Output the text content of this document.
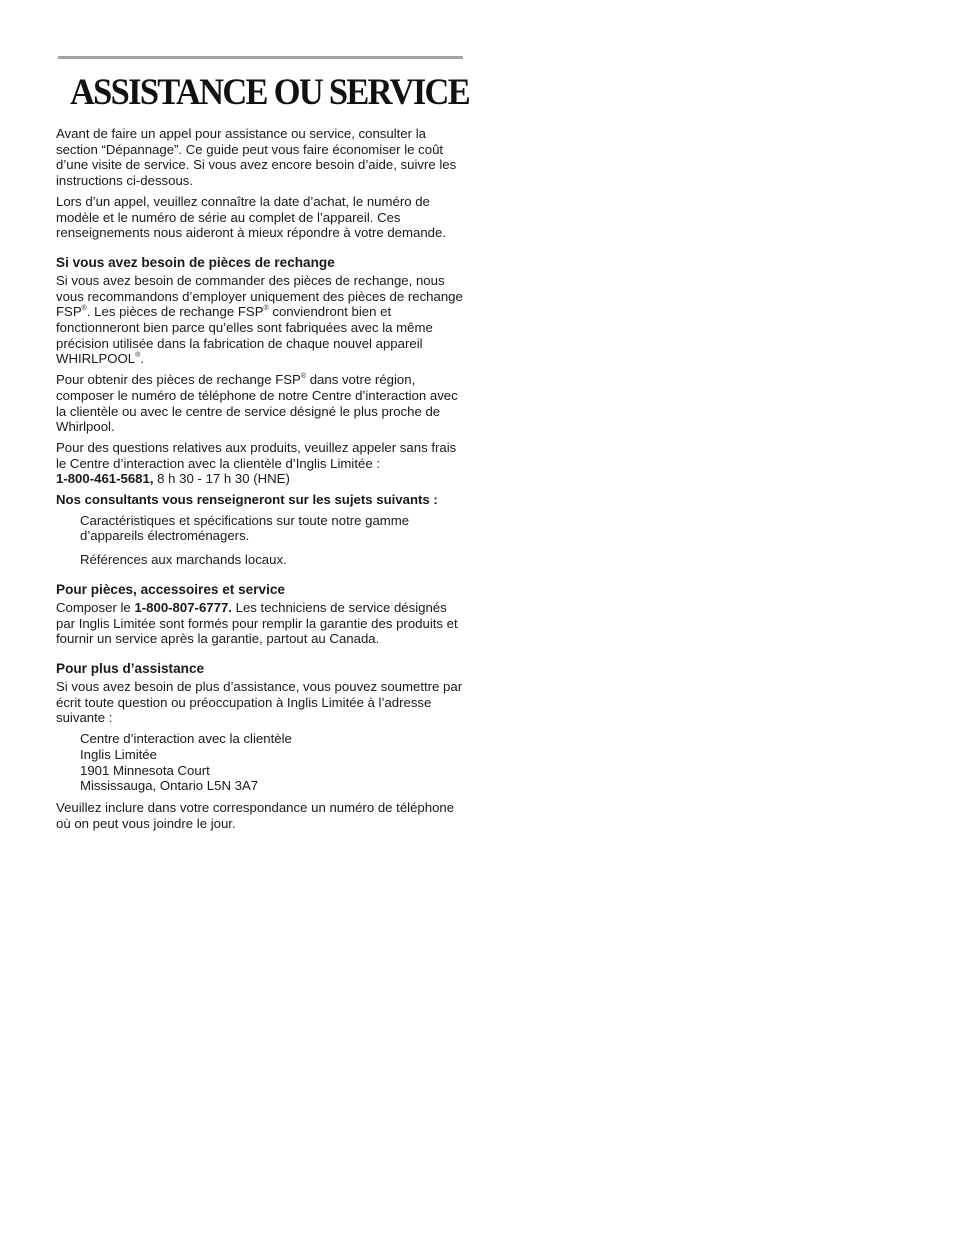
ASSISTANCE OU SERVICE

Avant de faire un appel pour assistance ou service, consulter la section “Dépannage”. Ce guide peut vous faire économiser le coût d’une visite de service. Si vous avez encore besoin d’aide, suivre les instructions ci-dessous.

Lors d’un appel, veuillez connaître la date d’achat, le numéro de modèle et le numéro de série au complet de l’appareil. Ces renseignements nous aideront à mieux répondre à votre demande.

Si vous avez besoin de pièces de rechange

Si vous avez besoin de commander des pièces de rechange, nous vous recommandons d’employer uniquement des pièces de rechange FSP®. Les pièces de rechange FSP® conviendront bien et fonctionneront bien parce qu’elles sont fabriquées avec la même précision utilisée dans la fabrication de chaque nouvel appareil WHIRLPOOL®.

Pour obtenir des pièces de rechange FSP® dans votre région, composer le numéro de téléphone de notre Centre d’interaction avec la clientèle ou avec le centre de service désigné le plus proche de Whirlpool.

Pour des questions relatives aux produits, veuillez appeler sans frais le Centre d’interaction avec la clientèle d’Inglis Limitée :
1-800-461-5681, 8 h 30 - 17 h 30 (HNE)

Nos consultants vous renseigneront sur les sujets suivants :

Caractéristiques et spécifications sur toute notre gamme d’appareils électroménagers.

Références aux marchands locaux.

Pour pièces, accessoires et service

Composer le 1-800-807-6777. Les techniciens de service désignés par Inglis Limitée sont formés pour remplir la garantie des produits et fournir un service après la garantie, partout au Canada.

Pour plus d’assistance

Si vous avez besoin de plus d’assistance, vous pouvez soumettre par écrit toute question ou préoccupation à Inglis Limitée à l’adresse suivante :

Centre d’interaction avec la clientèle
Inglis Limitée
1901 Minnesota Court
Mississauga, Ontario L5N 3A7

Veuillez inclure dans votre correspondance un numéro de téléphone où on peut vous joindre le jour.
